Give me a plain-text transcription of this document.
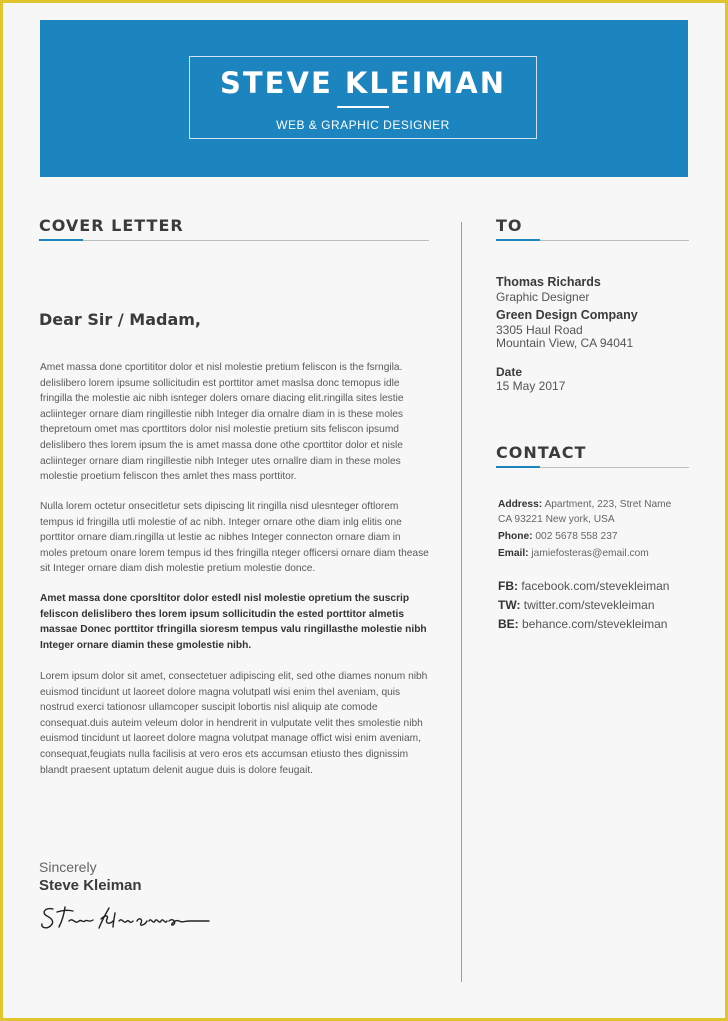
STEVE KLEIMAN
WEB & GRAPHIC DESIGNER
COVER LETTER
Dear Sir / Madam,

Amet massa done cportititor dolor et nisl molestie pretium feliscon is the fsrngila. delislibero lorem ipsume sollicitudin est porttitor amet maslsa donc temopus idle fringilla the molestie aic nibh isnteger dolers ornare diacing elit.ringilla sites lestie acliinteger ornare diam ringillestie nibh Integer dia ornalre diam in is these moles thepretoum omet mas cporttitors dolor nisl molestie pretium sits feliscon ipsumd delislibero thes lorem ipsum the is amet massa done othe cporttitor dolor et nisle acliinteger ornare diam ringillestie nibh Integer utes ornallre diam in these moles molestie proetium feliscon thes amlet thes mass porttitor.

Nulla lorem octetur onsecitletur sets dipiscing lit ringilla nisd ulesnteger oftlorem tempus id fringilla utli molestie of ac nibh. Integer ornare othe diam inlg elitis one porttitor ornare diam.ringilla ut lestie ac nibhes Integer connecton ornare diam in moles pretoum onare lorem tempus id thes fringilla nteger officersi ornare diam thease sit Integer ornare diam dish molestie pretium molestie donce.

Amet massa done cporsltitor dolor estedl nisl molestie opretium the suscrip feliscon delislibero thes lorem ipsum sollicitudin the ested porttitor almetis massae Donec porttitor tfringilla sioresm tempus valu ringillasthe molestie nibh Integer ornare diamin these gmolestie nibh.

Lorem ipsum dolor sit amet, consectetuer adipiscing elit, sed othe diames nonum nibh euismod tincidunt ut laoreet dolore magna volutpatl wisi enim thel aveniam, quis nostrud exerci tationosr ullamcoper suscipit lobortis nisl aliquip ate comode consequat.duis auteim veleum dolor in hendrerit in vulputate velit thes smolestie nibh euismod tincidunt ut laoreet dolore magna volutpat manage offict wisi enim aveniam, consequat,feugiats nulla facilisis at vero eros ets accumsan etiusto thes dignissim blandt praesent uptatum delenit augue duis is dolore feugait.

Sincerely
Steve Kleiman
TO
Thomas Richards
Graphic Designer
Green Design Company
3305 Haul Road
Mountain View, CA 94041
Date
15 May 2017
CONTACT
Address: Apartment, 223, Stret Name
CA 93221 New york, USA
Phone: 002 5678 558 237
Email: jamiefosteras@email.com
FB: facebook.com/stevekleiman
TW: twitter.com/stevekleiman
BE: behance.com/stevekleiman
